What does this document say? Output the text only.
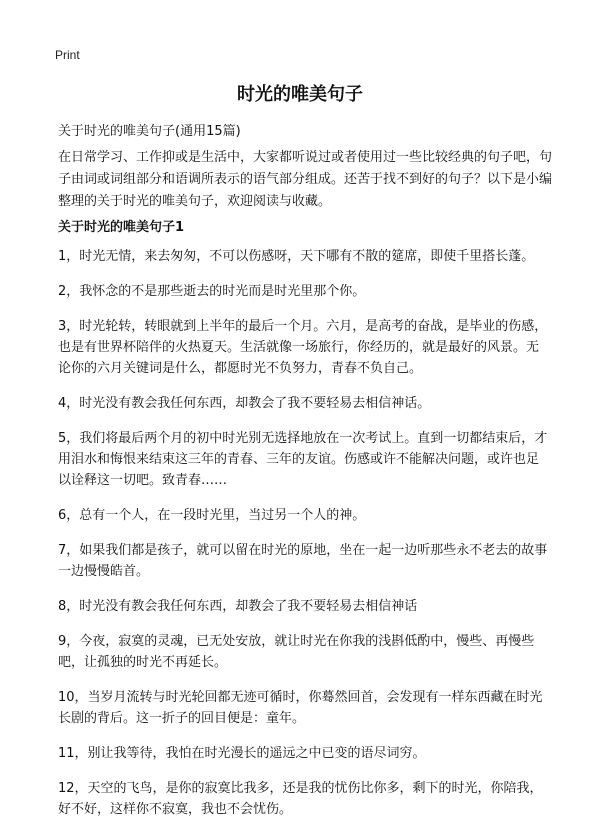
Print
时光的唯美句子

关于时光的唯美句子(通用15篇)

在日常学习、工作抑或是生活中，大家都听说过或者使用过一些比较经典的句子吧，句子由词或词组部分和语调所表示的语气部分组成。还苦于找不到好的句子？以下是小编整理的关于时光的唯美句子，欢迎阅读与收藏。

关于时光的唯美句子1
1，时光无情，来去匆匆，不可以伤感呀，天下哪有不散的筵席，即使千里搭长蓬。
2，我怀念的不是那些逝去的时光而是时光里那个你。
3，时光轮转，转眼就到上半年的最后一个月。六月，是高考的奋战，是毕业的伤感，也是有世界杯陪伴的火热夏天。生活就像一场旅行，你经历的，就是最好的风景。无论你的六月关键词是什么，都愿时光不负努力，青春不负自己。
4，时光没有教会我任何东西，却教会了我不要轻易去相信神话。
5，我们将最后两个月的初中时光别无选择地放在一次考试上。直到一切都结束后，才用泪水和悔恨来结束这三年的青春、三年的友谊。伤感或许不能解决问题，或许也足以诠释这一切吧。致青春……
6，总有一个人，在一段时光里，当过另一个人的神。
7，如果我们都是孩子，就可以留在时光的原地，坐在一起一边听那些永不老去的故事一边慢慢皓首。
8，时光没有教会我任何东西，却教会了我不要轻易去相信神话
9，今夜，寂寞的灵魂，已无处安放，就让时光在你我的浅斟低酌中，慢些、再慢些吧，让孤独的时光不再延长。
10，当岁月流转与时光轮回都无迹可循时，你蓦然回首，会发现有一样东西藏在时光长剧的背后。这一折子的回目便是：童年。
11，别让我等待，我怕在时光漫长的遥远之中已变的语尽词穷。
12，天空的飞鸟，是你的寂寞比我多，还是我的忧伤比你多，剩下的时光，你陪我，好不好，这样你不寂寞，我也不会忧伤。
